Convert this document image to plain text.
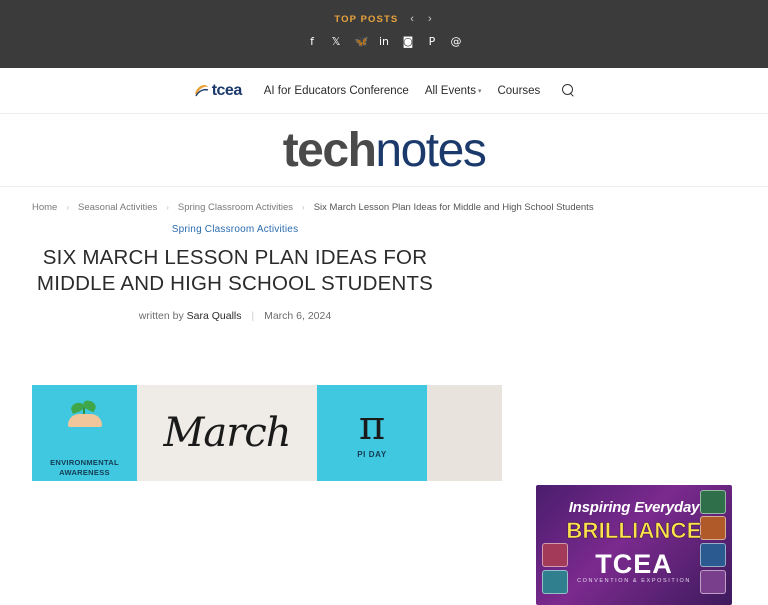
TOP POSTS ‹ ›
f	𝕏 🦋 in ◙ P @
tcea AI for Educators Conference All Events ▾ Courses
technotes
Home › Seasonal Activities › Spring Classroom Activities › Six March Lesson Plan Ideas for Middle and High School Students
Spring Classroom Activities
SIX MARCH LESSON PLAN IDEAS FOR MIDDLE AND HIGH SCHOOL STUDENTS
written by Sara Qualls | March 6, 2024
ENVIRONMENTAL AWARENESS
March π
PI DAY
Inspiring Everyday
BRILLIANCE
TCEA
CONVENTION & EXPOSITION
